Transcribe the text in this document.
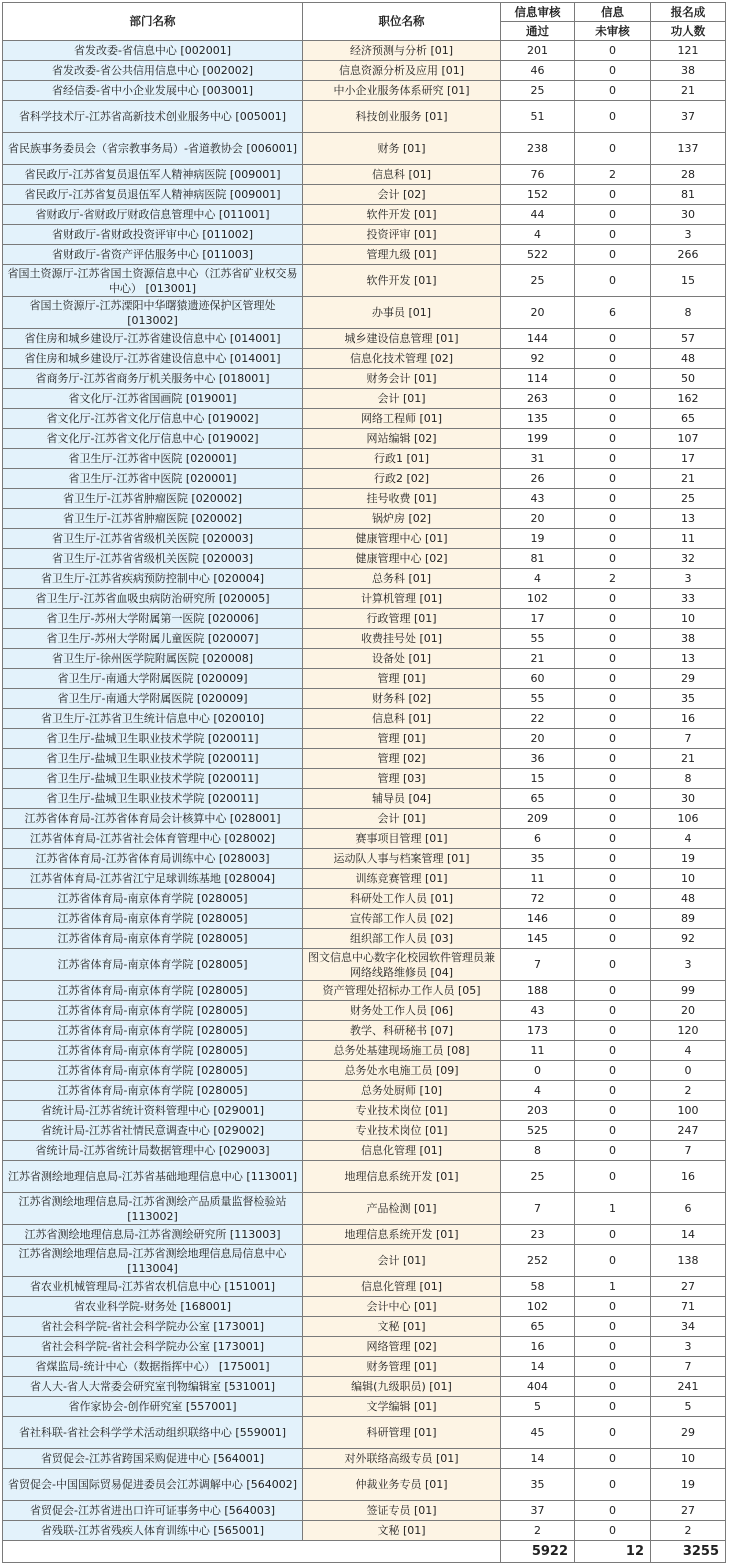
部门名称	职位名称	信息审核	信息	报名成
		通过	未审核	功人数
省发改委-省信息中心 [002001]	经济预测与分析 [01]	201	0	121
省发改委-省公共信用信息中心 [002002]	信息资源分析及应用 [01]	46	0	38
省经信委-省中小企业发展中心 [003001]	中小企业服务体系研究 [01]	25	0	21
省科学技术厅-江苏省高新技术创业服务中心 [005001]	科技创业服务 [01]	51	0	37
省民族事务委员会（省宗教事务局）-省道教协会 [006001]	财务 [01]	238	0	137
省民政厅-江苏省复员退伍军人精神病医院 [009001]	信息科 [01]	76	2	28
省民政厅-江苏省复员退伍军人精神病医院 [009001]	会计 [02]	152	0	81
省财政厅-省财政厅财政信息管理中心 [011001]	软件开发 [01]	44	0	30
省财政厅-省财政投资评审中心 [011002]	投资评审 [01]	4	0	3
省财政厅-省资产评估服务中心 [011003]	管理九级 [01]	522	0	266
省国土资源厅-江苏省国土资源信息中心（江苏省矿业权交易中心） [013001]	软件开发 [01]	25	0	15
省国土资源厅-江苏溧阳中华曙猿遗迹保护区管理处 [013002]	办事员 [01]	20	6	8
省住房和城乡建设厅-江苏省建设信息中心 [014001]	城乡建设信息管理 [01]	144	0	57
省住房和城乡建设厅-江苏省建设信息中心 [014001]	信息化技术管理 [02]	92	0	48
省商务厅-江苏省商务厅机关服务中心 [018001]	财务会计 [01]	114	0	50
省文化厅-江苏省国画院 [019001]	会计 [01]	263	0	162
省文化厅-江苏省文化厅信息中心 [019002]	网络工程师 [01]	135	0	65
省文化厅-江苏省文化厅信息中心 [019002]	网站编辑 [02]	199	0	107
省卫生厅-江苏省中医院 [020001]	行政1 [01]	31	0	17
省卫生厅-江苏省中医院 [020001]	行政2 [02]	26	0	21
省卫生厅-江苏省肿瘤医院 [020002]	挂号收费 [01]	43	0	25
省卫生厅-江苏省肿瘤医院 [020002]	锅炉房 [02]	20	0	13
省卫生厅-江苏省省级机关医院 [020003]	健康管理中心 [01]	19	0	11
省卫生厅-江苏省省级机关医院 [020003]	健康管理中心 [02]	81	0	32
省卫生厅-江苏省疾病预防控制中心 [020004]	总务科 [01]	4	2	3
省卫生厅-江苏省血吸虫病防治研究所 [020005]	计算机管理 [01]	102	0	33
省卫生厅-苏州大学附属第一医院 [020006]	行政管理 [01]	17	0	10
省卫生厅-苏州大学附属儿童医院 [020007]	收费挂号处 [01]	55	0	38
省卫生厅-徐州医学院附属医院 [020008]	设备处 [01]	21	0	13
省卫生厅-南通大学附属医院 [020009]	管理 [01]	60	0	29
省卫生厅-南通大学附属医院 [020009]	财务科 [02]	55	0	35
省卫生厅-江苏省卫生统计信息中心 [020010]	信息科 [01]	22	0	16
省卫生厅-盐城卫生职业技术学院 [020011]	管理 [01]	20	0	7
省卫生厅-盐城卫生职业技术学院 [020011]	管理 [02]	36	0	21
省卫生厅-盐城卫生职业技术学院 [020011]	管理 [03]	15	0	8
省卫生厅-盐城卫生职业技术学院 [020011]	辅导员 [04]	65	0	30
江苏省体育局-江苏省体育局会计核算中心 [028001]	会计 [01]	209	0	106
江苏省体育局-江苏省社会体育管理中心 [028002]	赛事项目管理 [01]	6	0	4
江苏省体育局-江苏省体育局训练中心 [028003]	运动队人事与档案管理 [01]	35	0	19
江苏省体育局-江苏省江宁足球训练基地 [028004]	训练竞赛管理 [01]	11	0	10
江苏省体育局-南京体育学院 [028005]	科研处工作人员 [01]	72	0	48
江苏省体育局-南京体育学院 [028005]	宣传部工作人员 [02]	146	0	89
江苏省体育局-南京体育学院 [028005]	组织部工作人员 [03]	145	0	92
江苏省体育局-南京体育学院 [028005]	图文信息中心数字化校园软件管理员兼网络线路维修员 [04]	7	0	3
江苏省体育局-南京体育学院 [028005]	资产管理处招标办工作人员 [05]	188	0	99
江苏省体育局-南京体育学院 [028005]	财务处工作人员 [06]	43	0	20
江苏省体育局-南京体育学院 [028005]	教学、科研秘书 [07]	173	0	120
江苏省体育局-南京体育学院 [028005]	总务处基建现场施工员 [08]	11	0	4
江苏省体育局-南京体育学院 [028005]	总务处水电施工员 [09]	0	0	0
江苏省体育局-南京体育学院 [028005]	总务处厨师 [10]	4	0	2
省统计局-江苏省统计资料管理中心 [029001]	专业技术岗位 [01]	203	0	100
省统计局-江苏省社情民意调查中心 [029002]	专业技术岗位 [01]	525	0	247
省统计局-江苏省统计局数据管理中心 [029003]	信息化管理 [01]	8	0	7
江苏省测绘地理信息局-江苏省基础地理信息中心 [113001]	地理信息系统开发 [01]	25	0	16
江苏省测绘地理信息局-江苏省测绘产品质量监督检验站 [113002]	产品检测 [01]	7	1	6
江苏省测绘地理信息局-江苏省测绘研究所 [113003]	地理信息系统开发 [01]	23	0	14
江苏省测绘地理信息局-江苏省测绘地理信息局信息中心 [113004]	会计 [01]	252	0	138
省农业机械管理局-江苏省农机信息中心 [151001]	信息化管理 [01]	58	1	27
省农业科学院-财务处 [168001]	会计中心 [01]	102	0	71
省社会科学院-省社会科学院办公室 [173001]	文秘 [01]	65	0	34
省社会科学院-省社会科学院办公室 [173001]	网络管理 [02]	16	0	3
省煤监局-统计中心（数据指挥中心） [175001]	财务管理 [01]	14	0	7
省人大-省人大常委会研究室刊物编辑室 [531001]	编辑(九级职员) [01]	404	0	241
省作家协会-创作研究室 [557001]	文学编辑 [01]	5	0	5
省社科联-省社会科学学术活动组织联络中心 [559001]	科研管理 [01]	45	0	29
省贸促会-江苏省跨国采购促进中心 [564001]	对外联络高级专员 [01]	14	0	10
省贸促会-中国国际贸易促进委员会江苏调解中心 [564002]	仲裁业务专员 [01]	35	0	19
省贸促会-江苏省进出口许可证事务中心 [564003]	签证专员 [01]	37	0	27
省残联-江苏省残疾人体育训练中心 [565001]	文秘 [01]	2	0	2
		5922	12	3255
